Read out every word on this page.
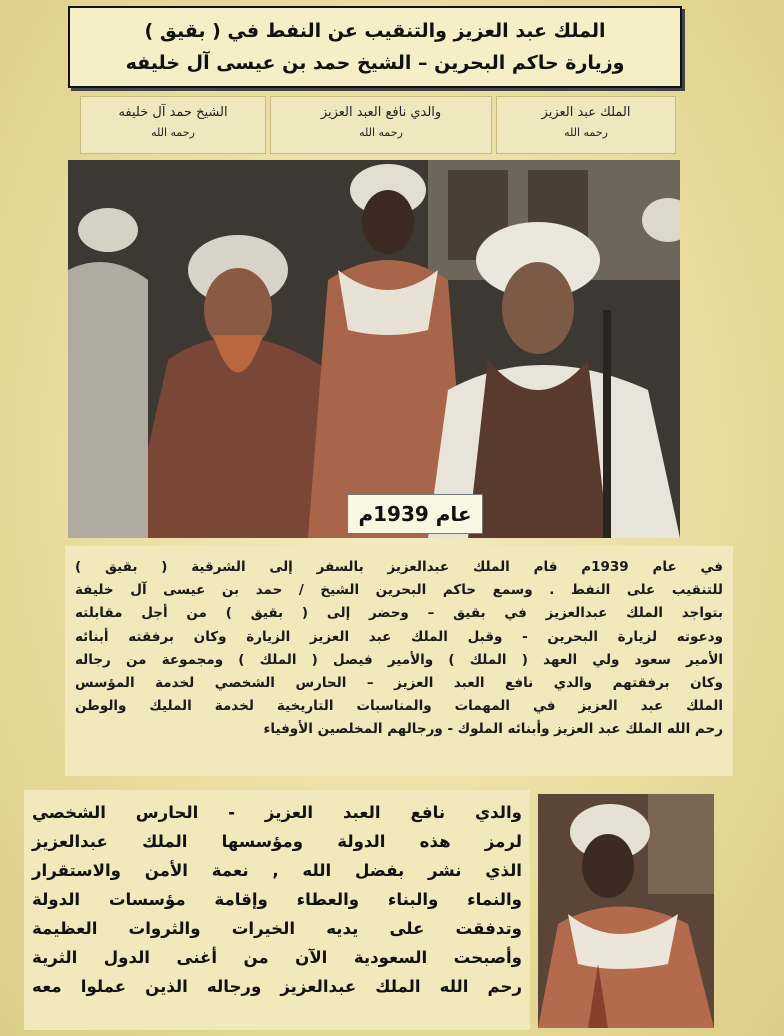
الملك عبد العزيز والتنقيب عن النفط في ( بقيق )
وزيارة حاكم البحرين – الشيخ حمد بن عيسى آل خليفه
الملك عبد العزيز
رحمه الله
والدي نافع العبد العزيز
رحمه الله
الشيخ حمد آل خليفه
رحمه الله
عام 1939م
في عام 1939م قام الملك عبدالعزيز بالسفر إلى الشرقية ( بقيق )
للتنقيب على النفط . وسمع حاكم البحرين الشيخ / حمد بن عيسى آل خليفة
بتواجد الملك عبدالعزيز في بقيق – وحضر إلى ( بقيق ) من أجل مقابلته
ودعوته لزيارة البحرين - وقبل الملك عبد العزيز الزيارة وكان برفقته أبنائه
الأمير سعود ولي العهد ( الملك ) والأمير فيصل ( الملك ) ومجموعة من رجاله
وكان برفقتهم والدي نافع العبد العزيز – الحارس الشخصي لخدمة المؤسس
الملك عبد العزيز في المهمات والمناسبات التاريخية لخدمة المليك والوطن
رحم الله الملك عبد العزيز وأبنائه الملوك - ورجالهم المخلصين الأوفياء
والدي نافع العبد العزيز - الحارس الشخصي
لرمز هذه الدولة ومؤسسها الملك عبدالعزيز
الذي نشر بفضل الله , نعمة الأمن والاستقرار
والنماء والبناء والعطاء وإقامة مؤسسات الدولة
وتدفقت على يديه الخيرات والثروات العظيمة
وأصبحت السعودية الآن من أغنى الدول الثرية
رحم الله الملك عبدالعزيز ورجاله الذين عملوا معه
